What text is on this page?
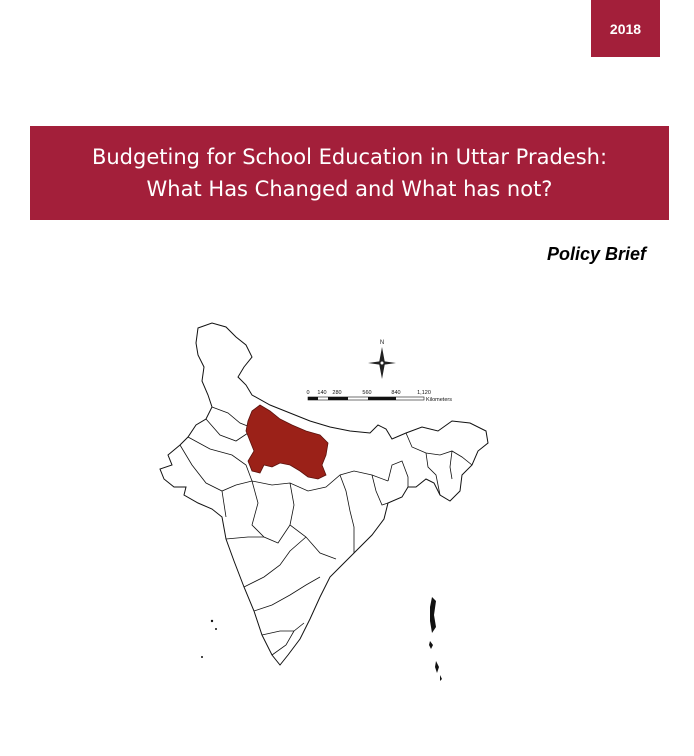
2018
Budgeting for School Education in Uttar Pradesh:
What Has Changed and What has not?
Policy Brief
N
0 140 280	560	840	1,120
Kilometers
